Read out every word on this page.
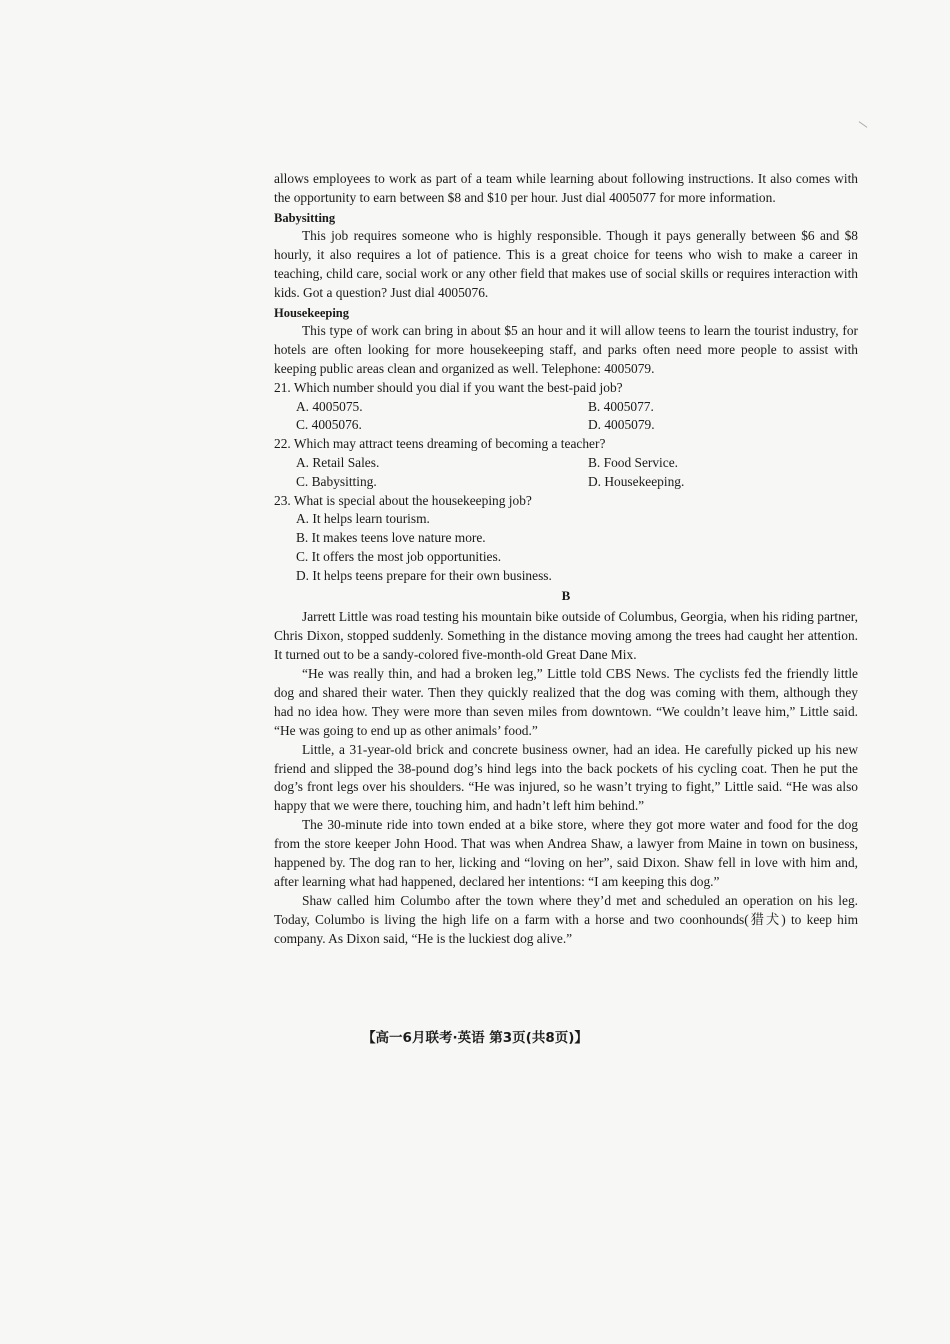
allows employees to work as part of a team while learning about following instructions. It also comes with the opportunity to earn between $8 and $10 per hour. Just dial 4005077 for more information.

Babysitting

This job requires someone who is highly responsible. Though it pays generally between $6 and $8 hourly, it also requires a lot of patience. This is a great choice for teens who wish to make a career in teaching, child care, social work or any other field that makes use of social skills or requires interaction with kids. Got a question? Just dial 4005076.

Housekeeping

This type of work can bring in about $5 an hour and it will allow teens to learn the tourist industry, for hotels are often looking for more housekeeping staff, and parks often need more people to assist with keeping public areas clean and organized as well. Telephone: 4005079.

21. Which number should you dial if you want the best-paid job?
A. 4005075.	B. 4005077.
C. 4005076.	D. 4005079.
22. Which may attract teens dreaming of becoming a teacher?
A. Retail Sales.	B. Food Service.
C. Babysitting.	D. Housekeeping.
23. What is special about the housekeeping job?
A. It helps learn tourism.
B. It makes teens love nature more.
C. It offers the most job opportunities.
D. It helps teens prepare for their own business.
B

Jarrett Little was road testing his mountain bike outside of Columbus, Georgia, when his riding partner, Chris Dixon, stopped suddenly. Something in the distance moving among the trees had caught her attention. It turned out to be a sandy-colored five-month-old Great Dane Mix.

“He was really thin, and had a broken leg,” Little told CBS News. The cyclists fed the friendly little dog and shared their water. Then they quickly realized that the dog was coming with them, although they had no idea how. They were more than seven miles from downtown. “We couldn’t leave him,” Little said. “He was going to end up as other animals’ food.”

Little, a 31-year-old brick and concrete business owner, had an idea. He carefully picked up his new friend and slipped the 38-pound dog’s hind legs into the back pockets of his cycling coat. Then he put the dog’s front legs over his shoulders. “He was injured, so he wasn’t trying to fight,” Little said. “He was also happy that we were there, touching him, and hadn’t left him behind.”

The 30-minute ride into town ended at a bike store, where they got more water and food for the dog from the store keeper John Hood. That was when Andrea Shaw, a lawyer from Maine in town on business, happened by. The dog ran to her, licking and “loving on her”, said Dixon. Shaw fell in love with him and, after learning what had happened, declared her intentions: “I am keeping this dog.”

Shaw called him Columbo after the town where they’d met and scheduled an operation on his leg. Today, Columbo is living the high life on a farm with a horse and two coonhounds(猎犬) to keep him company. As Dixon said, “He is the luckiest dog alive.”

【高一6月联考·英语 第3页(共8页)】
